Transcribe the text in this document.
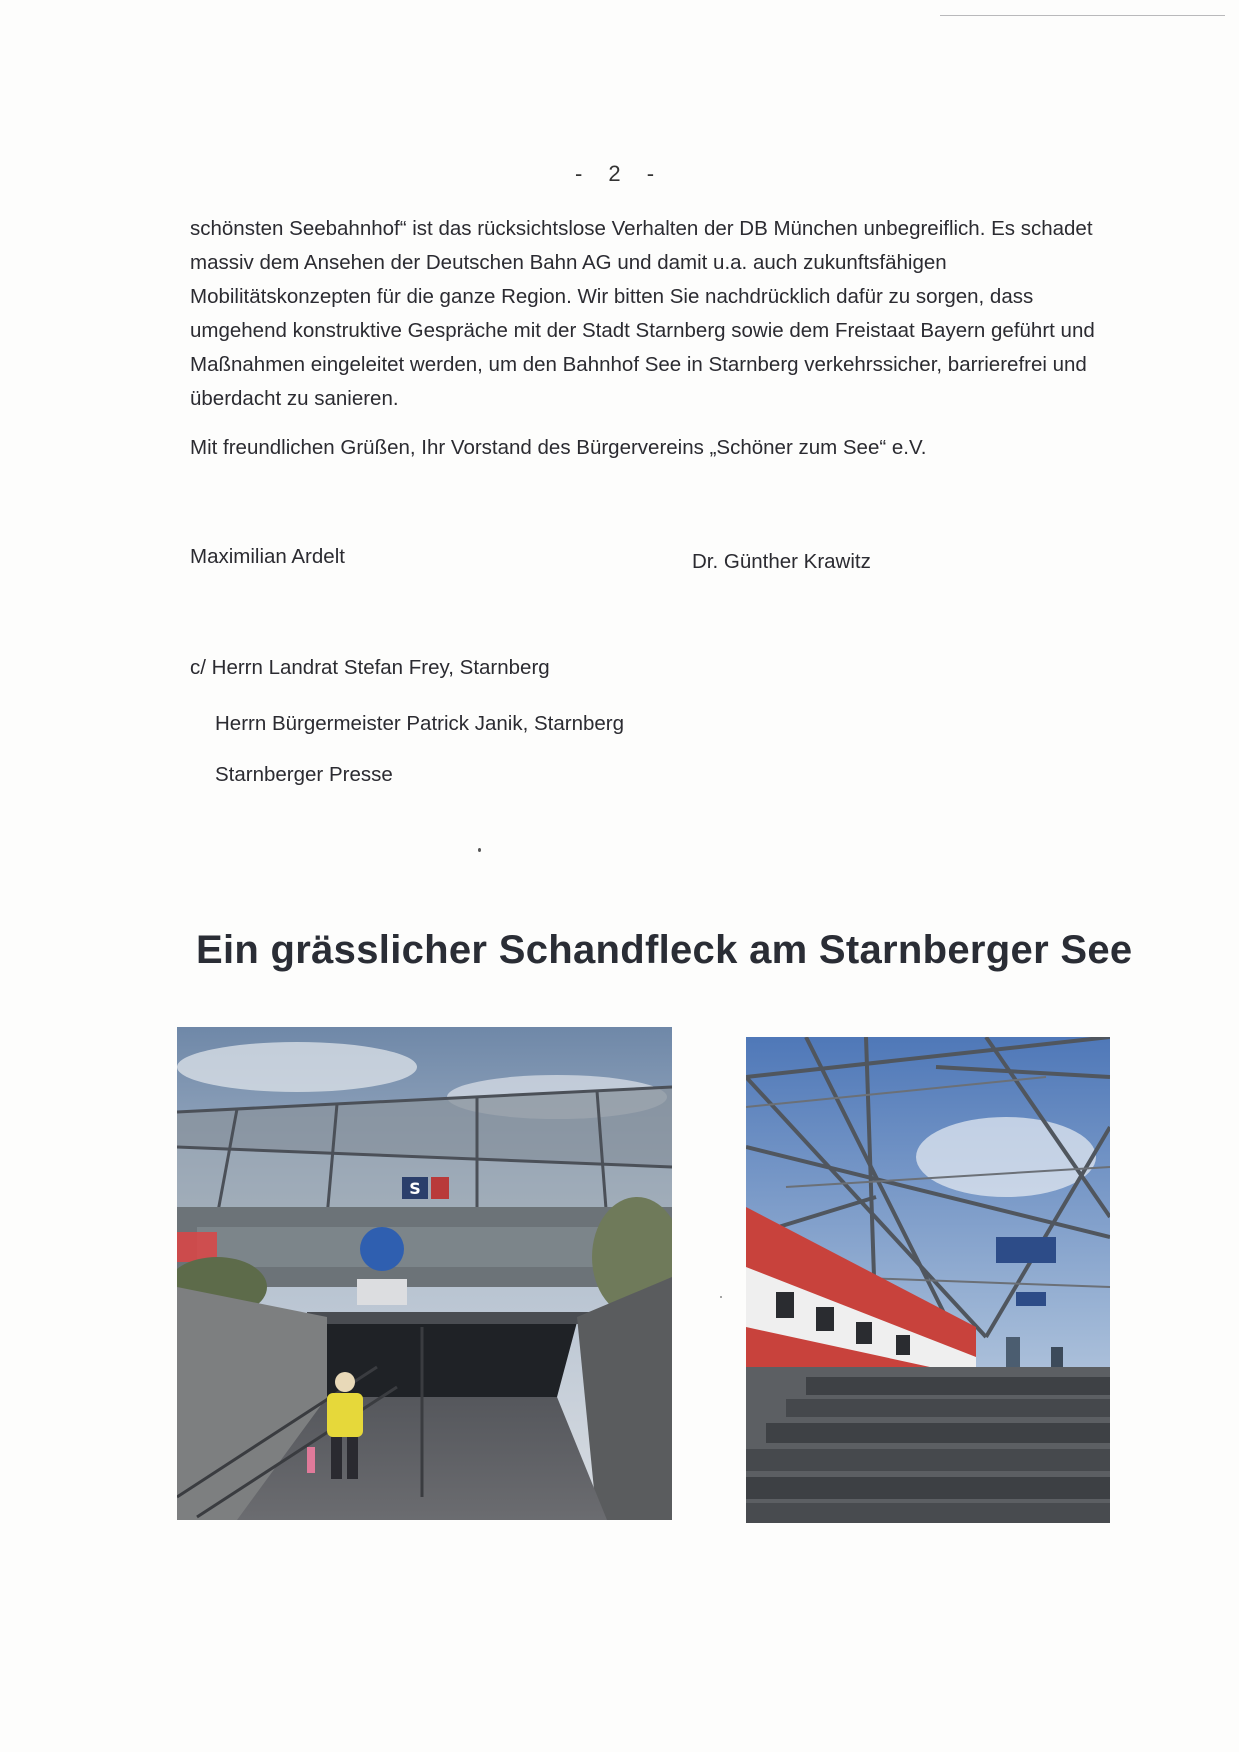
- 2 -

schönsten Seebahnhof“ ist das rücksichtslose Verhalten der DB München unbegreiflich. Es schadet massiv dem Ansehen der Deutschen Bahn AG und damit u.a. auch zukunftsfähigen Mobilitätskonzepten für die ganze Region. Wir bitten Sie nachdrücklich dafür zu sorgen, dass umgehend konstruktive Gespräche mit der Stadt Starnberg sowie dem Freistaat Bayern geführt und Maßnahmen eingeleitet werden, um den Bahnhof See in Starnberg verkehrssicher, barrierefrei und überdacht zu sanieren.

Mit freundlichen Grüßen, Ihr Vorstand des Bürgervereins „Schöner zum See“ e.V.
Maximilian Ardelt	Dr. Günther Krawitz
c/ Herrn Landrat Stefan Frey, Starnberg
Herrn Bürgermeister Patrick Janik, Starnberg
Starnberger Presse
Ein grässlicher Schandfleck am Starnberger See
S
